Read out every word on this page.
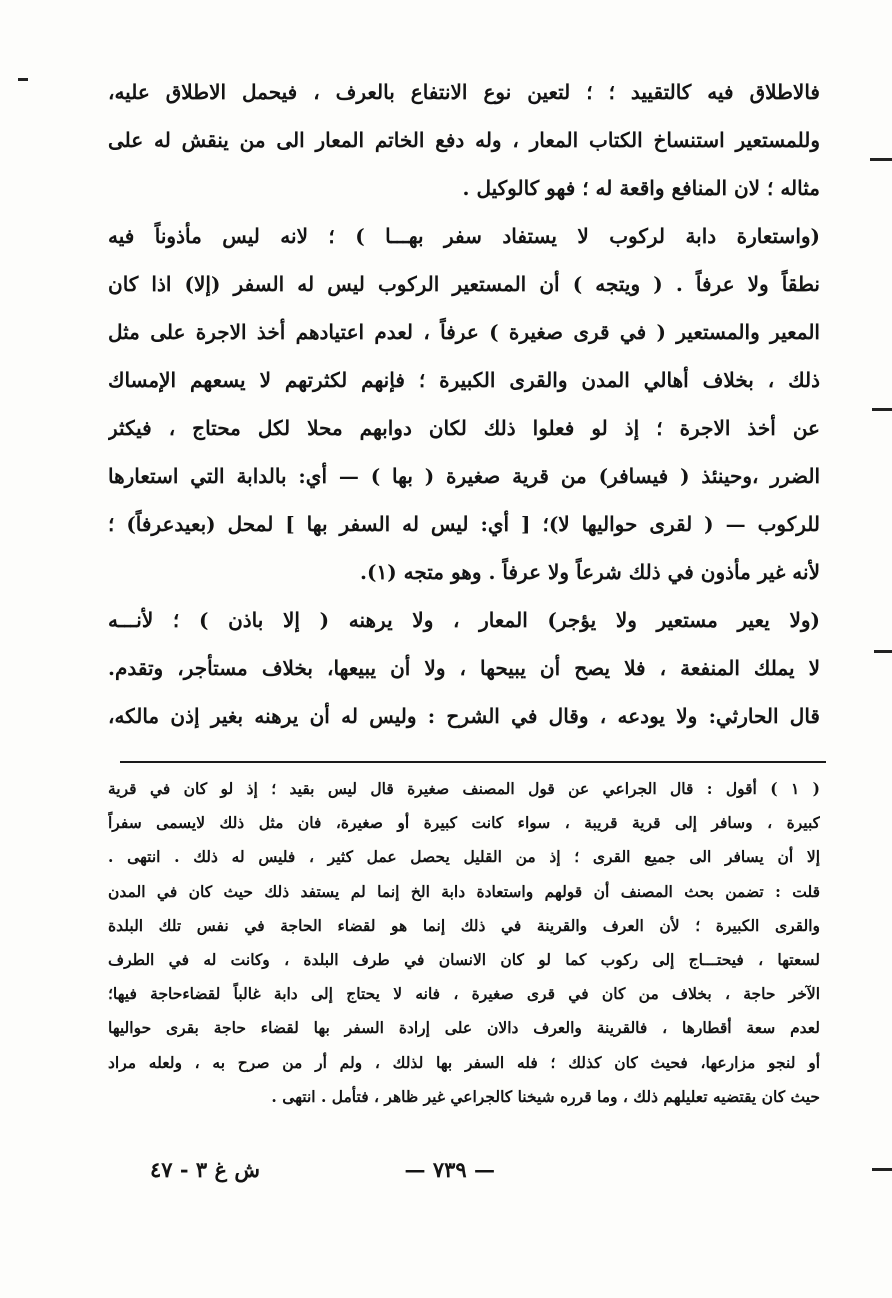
فالاطلاق فيه كالتقييد ؛ ؛ لتعين نوع الانتفاع بالعرف ، فيحمل الاطلاق عليه،
وللمستعير استنساخ الكتاب المعار ، وله دفع الخاتم المعار الى من ينقش له على
مثاله ؛ لان المنافع واقعة له ؛ فهو كالوكيل .
(واستعارة دابة لركوب لا يستفاد سفر بهـــا ) ؛ لانه ليس مأذوناً فيه
نطقاً ولا عرفاً . ( ويتجه ) أن المستعير الركوب ليس له السفر (إلا) اذا كان
المعير والمستعير ( في قرى صغيرة ) عرفاً ، لعدم اعتيادهم أخذ الاجرة على مثل
ذلك ، بخلاف أهالي المدن والقرى الكبيرة ؛ فإنهم لكثرتهم لا يسعهم الإمساك
عن أخذ الاجرة ؛ إذ لو فعلوا ذلك لكان دوابهم محلا لكل محتاج ، فيكثر
الضرر ،وحينئذ ( فيسافر) من قرية صغيرة ( بها ) — أي: بالدابة التي استعارها
للركوب — ( لقرى حواليها لا)؛ [ أي: ليس له السفر بها ] لمحل (بعيدعرفاً) ؛
لأنه غير مأذون في ذلك شرعاً ولا عرفاً . وهو متجه (١).
(ولا يعير مستعير ولا يؤجر) المعار ، ولا يرهنه ( إلا باذن ) ؛ لأنـــه
لا يملك المنفعة ، فلا يصح أن يبيحها ، ولا أن يبيعها، بخلاف مستأجر، وتقدم.
قال الحارثي: ولا يودعه ، وقال في الشرح : وليس له أن يرهنه بغير إذن مالكه،
( ١ ) أقول : قال الجراعي عن قول المصنف صغيرة قال ليس بقيد ؛ إذ لو كان في قرية
كبيرة ، وسافر إلى قرية قريبة ، سواء كانت كبيرة أو صغيرة، فان مثل ذلك لايسمى سفراً
إلا أن يسافر الى جميع القرى ؛ إذ من القليل يحصل عمل كثير ، فليس له ذلك . انتهى .
قلت : تضمن بحث المصنف أن قولهم واستعادة دابة الخ إنما لم يستفد ذلك حيث كان في المدن
والقرى الكبيرة ؛ لأن العرف والقرينة في ذلك إنما هو لقضاء الحاجة في نفس تلك البلدة
لسعتها ، فيحتـــاج إلى ركوب كما لو كان الانسان في طرف البلدة ، وكانت له في الطرف
الآخر حاجة ، بخلاف من كان في قرى صغيرة ، فانه لا يحتاج إلى دابة غالباً لقضاءحاجة فيها؛
لعدم سعة أقطارها ، فالقرينة والعرف دالان على إرادة السفر بها لقضاء حاجة بقرى حواليها
أو لنجو مزارعها، فحيث كان كذلك ؛ فله السفر بها لذلك ، ولم أر من صرح به ، ولعله مراد
حيث كان يقتضيه تعليلهم ذلك ، وما قرره شيخنا كالجراعي غير ظاهر ، فتأمل . انتهى .
— ٧٣٩ —
ش غ ٣ - ٤٧
